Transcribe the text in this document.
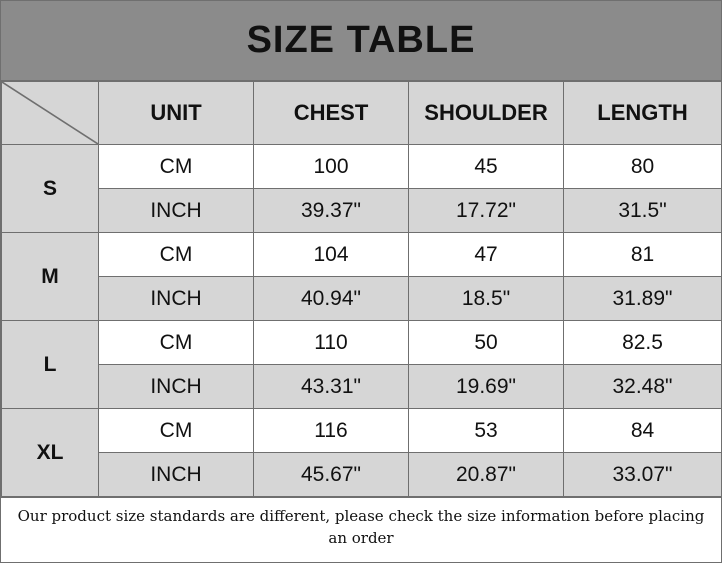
SIZE TABLE
	UNIT	CHEST	SHOULDER	LENGTH
S	CM	100	45	80
	INCH	39.37"	17.72"	31.5"
M	CM	104	47	81
	INCH	40.94"	18.5"	31.89"
L	CM	110	50	82.5
	INCH	43.31"	19.69"	32.48"
XL	CM	116	53	84
	INCH	45.67"	20.87"	33.07"
Our product size standards are different, please check the size information before placing an order
